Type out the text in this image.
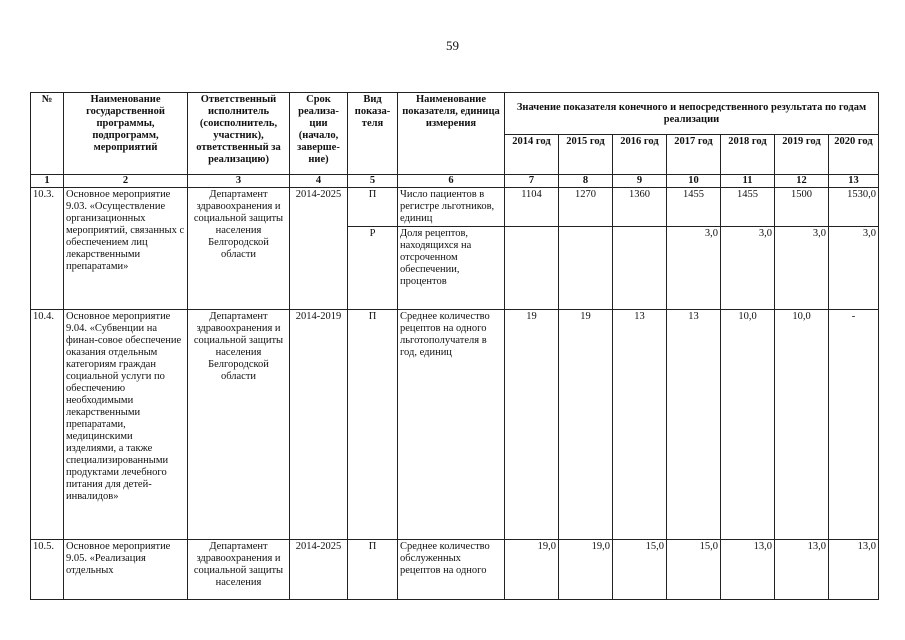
59
№	Наименование государственной программы, подпрограмм, мероприятий	Ответственный исполнитель (соисполнитель, участник), ответственный за реализацию)	Срок реализа-ции (начало, заверше-ние)	Вид показа-теля	Наименование показателя, единица измерения	Значение показателя конечного и непосредственного результата по годам реализации						
						2014 год	2015 год	2016 год	2017 год	2018 год	2019 год	2020 год
1	2	3	4	5	6	7	8	9	10	11	12	13
10.3.	Основное мероприятие 9.03. «Осуществление организационных мероприятий, связанных с обеспечением лиц лекарственными препаратами»	Департамент здравоохранения и социальной защиты населения Белгородской области	2014-2025	П	Число пациентов в регистре льготников, единиц	1104	1270	1360	1455	1455	1500	1530,0
				Р	Доля рецептов, находящихся на отсроченном обеспечении, процентов				3,0	3,0	3,0	3,0
10.4.	Основное мероприятие 9.04. «Субвенции на финан-совое обеспечение оказания отдельным категориям граждан социальной услуги по обеспечению необходимыми лекарственными препаратами, медицинскими изделиями, а также специализированными продуктами лечебного питания для детей-инвалидов»	Департамент здравоохранения и социальной защиты населения Белгородской области	2014-2019	П	Среднее количество рецептов на одного льготополучателя в год, единиц	19	19	13	13	10,0	10,0	-
10.5.	Основное мероприятие 9.05. «Реализация отдельных	Департамент здравоохранения и социальной защиты населения	2014-2025	П	Среднее количество обслуженных рецептов на одного	19,0	19,0	15,0	15,0	13,0	13,0	13,0
